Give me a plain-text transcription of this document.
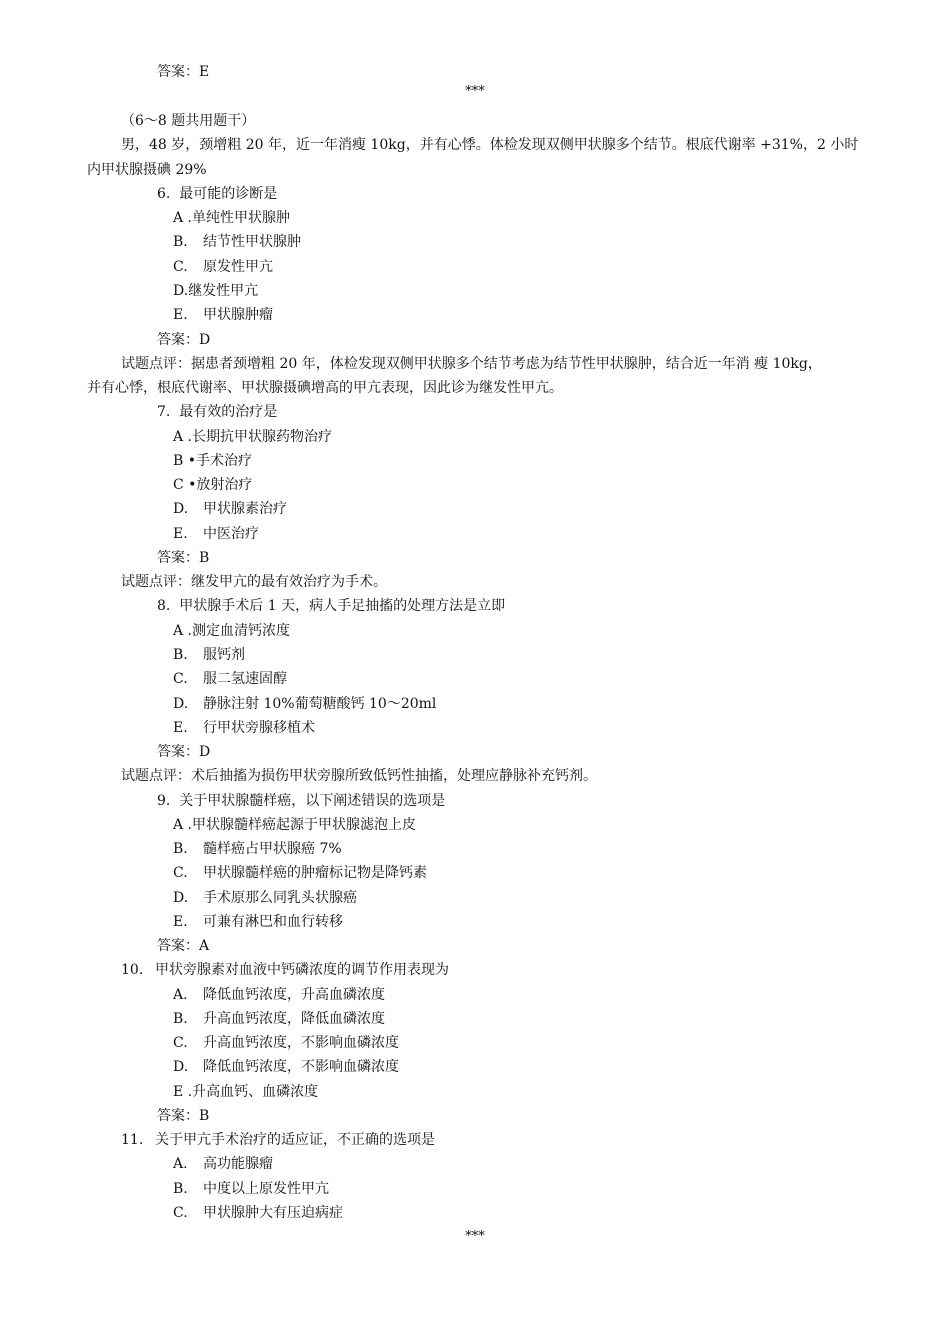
答案：E
***
（6〜8 题共用题干）
男，48 岁，颈增粗 20 年，近一年消瘦 10kg，并有心悸。体检发现双侧甲状腺多个结节。根底代谢率 +31%，2 小时
内甲状腺摄碘 29%
6. 最可能的诊断是
A .单纯性甲状腺肿
B. 结节性甲状腺肿
C. 原发性甲亢
D.继发性甲亢
E. 甲状腺肿瘤
答案：D
试题点评：据患者颈增粗 20 年，体检发现双侧甲状腺多个结节考虑为结节性甲状腺肿，结合近一年消 瘦 10kg，
并有心悸，根底代谢率、甲状腺摄碘增高的甲亢表现，因此诊为继发性甲亢。
7. 最有效的治疗是
A .长期抗甲状腺药物治疗
B •手术治疗
C •放射治疗
D. 甲状腺素治疗
E. 中医治疗
答案：B
试题点评：继发甲亢的最有效治疗为手术。
8. 甲状腺手术后 1 天，病人手足抽搐的处理方法是立即
A .测定血清钙浓度
B. 服钙剂
C. 服二氢速固醇
D. 静脉注射 10%葡萄糖酸钙 10〜20ml
E. 行甲状旁腺移植术
答案：D
试题点评：术后抽搐为损伤甲状旁腺所致低钙性抽搐，处理应静脉补充钙剂。
9. 关于甲状腺髓样癌，以下阐述错误的选项是
A .甲状腺髓样癌起源于甲状腺滤泡上皮
B. 髓样癌占甲状腺癌 7%
C. 甲状腺髓样癌的肿瘤标记物是降钙素
D. 手术原那么同乳头状腺癌
E. 可兼有淋巴和血行转移
答案：A
10. 甲状旁腺素对血液中钙磷浓度的调节作用表现为
A. 降低血钙浓度，升高血磷浓度
B. 升高血钙浓度，降低血磷浓度
C. 升高血钙浓度，不影响血磷浓度
D. 降低血钙浓度，不影响血磷浓度
E .升高血钙、血磷浓度
答案：B
11. 关于甲亢手术治疗的适应证，不正确的选项是
A. 高功能腺瘤
B. 中度以上原发性甲亢
C. 甲状腺肿大有压迫病症
***
